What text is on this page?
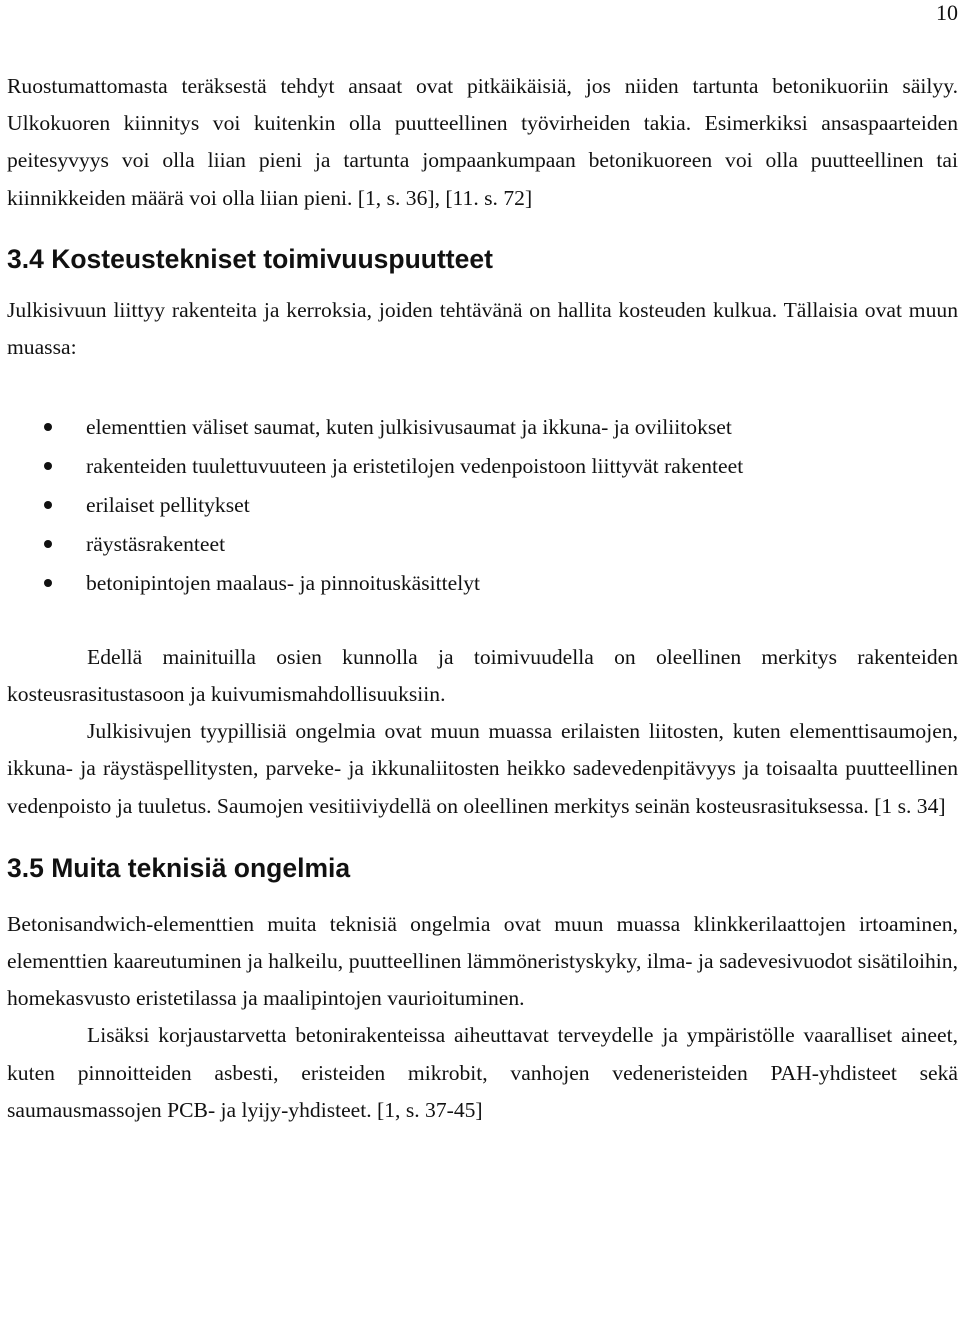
10

Ruostumattomasta teräksestä tehdyt ansaat ovat pitkäikäisiä, jos niiden tartunta betonikuoriin säilyy. Ulkokuoren kiinnitys voi kuitenkin olla puutteellinen työvirheiden takia. Esimerkiksi ansaspaarteiden peitesyvyys voi olla liian pieni ja tartunta jompaankumpaan betonikuoreen voi olla puutteellinen tai kiinnikkeiden määrä voi olla liian pieni. [1, s. 36], [11. s. 72]

3.4 Kosteustekniset toimivuuspuutteet

Julkisivuun liittyy rakenteita ja kerroksia, joiden tehtävänä on hallita kosteuden kulkua. Tällaisia ovat muun muassa:

elementtien väliset saumat, kuten julkisivusaumat ja ikkuna- ja oviliitokset
rakenteiden tuulettuvuuteen ja eristetilojen vedenpoistoon liittyvät rakenteet
erilaiset pellitykset
räystäsrakenteet
betonipintojen maalaus- ja pinnoituskäsittelyt

Edellä mainituilla osien kunnolla ja toimivuudella on oleellinen merkitys rakenteiden kosteusrasitustasoon ja kuivumismahdollisuuksiin.

Julkisivujen tyypillisiä ongelmia ovat muun muassa erilaisten liitosten, kuten elementtisaumojen, ikkuna- ja räystäspellitysten, parveke- ja ikkunaliitosten heikko sadevedenpitävyys ja toisaalta puutteellinen vedenpoisto ja tuuletus. Saumojen vesitiiviydellä on oleellinen merkitys seinän kosteusrasituksessa. [1 s. 34]

3.5 Muita teknisiä ongelmia

Betonisandwich-elementtien muita teknisiä ongelmia ovat muun muassa klinkkerilaattojen irtoaminen, elementtien kaareutuminen ja halkeilu, puutteellinen lämmöneristyskyky, ilma- ja sadevesivuodot sisätiloihin, homekasvusto eristetilassa ja maalipintojen vaurioituminen.

Lisäksi korjaustarvetta betonirakenteissa aiheuttavat terveydelle ja ympäristölle vaaralliset aineet, kuten pinnoitteiden asbesti, eristeiden mikrobit, vanhojen vedeneristeiden PAH-yhdisteet sekä saumausmassojen PCB- ja lyijy-yhdisteet. [1, s. 37-45]
